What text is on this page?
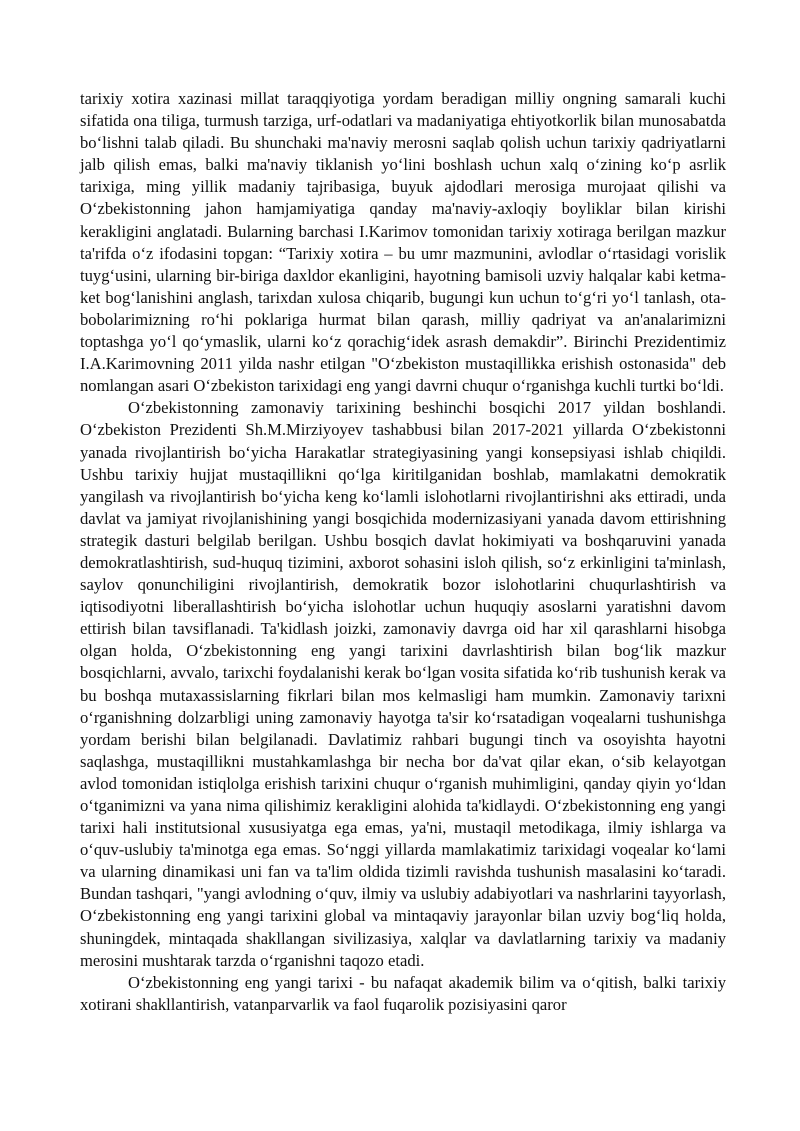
tarixiy xotira xazinasi millat taraqqiyotiga yordam beradigan milliy ongning samarali kuchi sifatida ona tiliga, turmush tarziga, urf-odatlari va madaniyatiga ehtiyotkorlik bilan munosabatda bo‘lishni talab qiladi. Bu shunchaki ma'naviy merosni saqlab qolish uchun tarixiy qadriyatlarni jalb qilish emas, balki ma'naviy tiklanish yo‘lini boshlash uchun xalq o‘zining ko‘p asrlik tarixiga, ming yillik madaniy tajribasiga, buyuk ajdodlari merosiga murojaat qilishi va O‘zbekistonning jahon hamjamiyatiga qanday ma'naviy-axloqiy boyliklar bilan kirishi kerakligini anglatadi. Bularning barchasi I.Karimov tomonidan tarixiy xotiraga berilgan mazkur ta'rifda o‘z ifodasini topgan: “Tarixiy xotira – bu umr mazmunini, avlodlar o‘rtasidagi vorislik tuyg‘usini, ularning bir-biriga daxldor ekanligini, hayotning bamisoli uzviy halqalar kabi ketma-ket bog‘lanishini anglash, tarixdan xulosa chiqarib, bugungi kun uchun to‘g‘ri yo‘l tanlash, ota-bobolarimizning ro‘hi poklariga hurmat bilan qarash, milliy qadriyat va an'analarimizni toptashga yo‘l qo‘ymaslik, ularni ko‘z qorachig‘idek asrash demakdir”. Birinchi Prezidentimiz I.A.Karimovning 2011 yilda nashr etilgan "O‘zbekiston mustaqillikka erishish ostonasida" deb nomlangan asari O‘zbekiston tarixidagi eng yangi davrni chuqur o‘rganishga kuchli turtki bo‘ldi.

O‘zbekistonning zamonaviy tarixining beshinchi bosqichi 2017 yildan boshlandi. O‘zbekiston Prezidenti Sh.M.Mirziyoyev tashabbusi bilan 2017-2021 yillarda O‘zbekistonni yanada rivojlantirish bo‘yicha Harakatlar strategiyasining yangi konsepsiyasi ishlab chiqildi. Ushbu tarixiy hujjat mustaqillikni qo‘lga kiritilganidan boshlab, mamlakatni demokratik yangilash va rivojlantirish bo‘yicha keng ko‘lamli islohotlarni rivojlantirishni aks ettiradi, unda davlat va jamiyat rivojlanishining yangi bosqichida modernizasiyani yanada davom ettirishning strategik dasturi belgilab berilgan. Ushbu bosqich davlat hokimiyati va boshqaruvini yanada demokratlashtirish, sud-huquq tizimini, axborot sohasini isloh qilish, so‘z erkinligini ta'minlash, saylov qonunchiligini rivojlantirish, demokratik bozor islohotlarini chuqurlashtirish va iqtisodiyotni liberallashtirish bo‘yicha islohotlar uchun huquqiy asoslarni yaratishni davom ettirish bilan tavsiflanadi. Ta'kidlash joizki, zamonaviy davrga oid har xil qarashlarni hisobga olgan holda, O‘zbekistonning eng yangi tarixini davrlashtirish bilan bog‘lik mazkur bosqichlarni, avvalo, tarixchi foydalanishi kerak bo‘lgan vosita sifatida ko‘rib tushunish kerak va bu boshqa mutaxassislarning fikrlari bilan mos kelmasligi ham mumkin. Zamonaviy tarixni o‘rganishning dolzarbligi uning zamonaviy hayotga ta'sir ko‘rsatadigan voqealarni tushunishga yordam berishi bilan belgilanadi. Davlatimiz rahbari bugungi tinch va osoyishta hayotni saqlashga, mustaqillikni mustahkamlashga bir necha bor da'vat qilar ekan, o‘sib kelayotgan avlod tomonidan istiqlolga erishish tarixini chuqur o‘rganish muhimligini, qanday qiyin yo‘ldan o‘tganimizni va yana nima qilishimiz kerakligini alohida ta'kidlaydi. O‘zbekistonning eng yangi tarixi hali institutsional xususiyatga ega emas, ya'ni, mustaqil metodikaga, ilmiy ishlarga va o‘quv-uslubiy ta'minotga ega emas. So‘nggi yillarda mamlakatimiz tarixidagi voqealar ko‘lami va ularning dinamikasi uni fan va ta'lim oldida tizimli ravishda tushunish masalasini ko‘taradi. Bundan tashqari, "yangi avlodning o‘quv, ilmiy va uslubiy adabiyotlari va nashrlarini tayyorlash, O‘zbekistonning eng yangi tarixini global va mintaqaviy jarayonlar bilan uzviy bog‘liq holda, shuningdek, mintaqada shakllangan sivilizasiya, xalqlar va davlatlarning tarixiy va madaniy merosini mushtarak tarzda o‘rganishni taqozo etadi.

O‘zbekistonning eng yangi tarixi - bu nafaqat akademik bilim va o‘qitish, balki tarixiy xotirani shakllantirish, vatanparvarlik va faol fuqarolik pozisiyasini qaror
